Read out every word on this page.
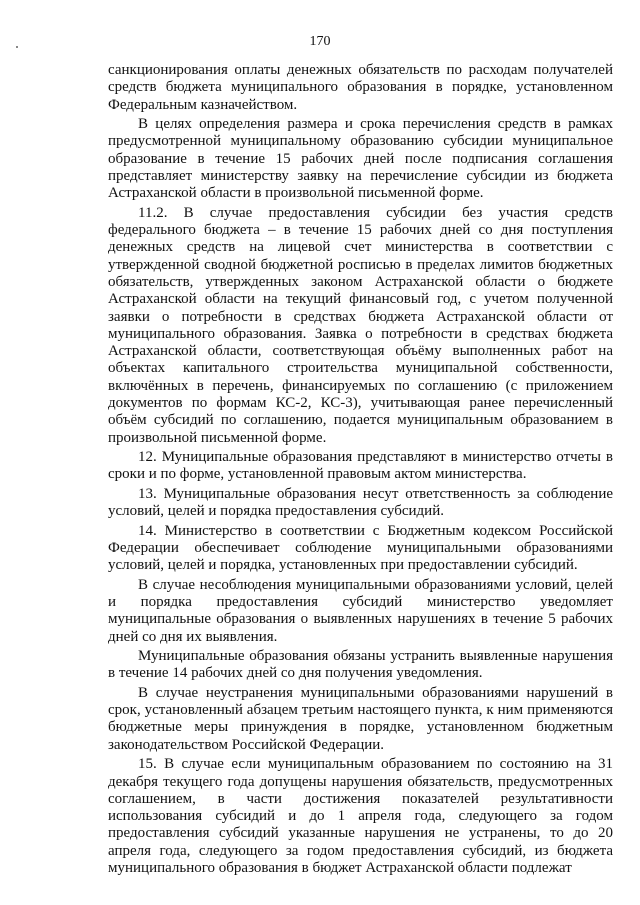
170

санкционирования оплаты денежных обязательств по расходам получателей средств бюджета муниципального образования в порядке, установленном Федеральным казначейством.

В целях определения размера и срока перечисления средств в рамках предусмотренной муниципальному образованию субсидии муниципальное образование в течение 15 рабочих дней после подписания соглашения представляет министерству заявку на перечисление субсидии из бюджета Астраханской области в произвольной письменной форме.

11.2. В случае предоставления субсидии без участия средств федерального бюджета – в течение 15 рабочих дней со дня поступления денежных средств на лицевой счет министерства в соответствии с утвержденной сводной бюджетной росписью в пределах лимитов бюджетных обязательств, утвержденных законом Астраханской области о бюджете Астраханской области на текущий финансовый год, с учетом полученной заявки о потребности в средствах бюджета Астраханской области от муниципального образования. Заявка о потребности в средствах бюджета Астраханской области, соответствующая объёму выполненных работ на объектах капитального строительства муниципальной собственности, включённых в перечень, финансируемых по соглашению (с приложением документов по формам КС-2, КС-3), учитывающая ранее перечисленный объём субсидий по соглашению, подается муниципальным образованием в произвольной письменной форме.

12. Муниципальные образования представляют в министерство отчеты в сроки и по форме, установленной правовым актом министерства.

13. Муниципальные образования несут ответственность за соблюдение условий, целей и порядка предоставления субсидий.

14. Министерство в соответствии с Бюджетным кодексом Российской Федерации обеспечивает соблюдение муниципальными образованиями условий, целей и порядка, установленных при предоставлении субсидий.

В случае несоблюдения муниципальными образованиями условий, целей и порядка предоставления субсидий министерство уведомляет муниципальные образования о выявленных нарушениях в течение 5 рабочих дней со дня их выявления.

Муниципальные образования обязаны устранить выявленные нарушения в течение 14 рабочих дней со дня получения уведомления.

В случае неустранения муниципальными образованиями нарушений в срок, установленный абзацем третьим настоящего пункта, к ним применяются бюджетные меры принуждения в порядке, установленном бюджетным законодательством Российской Федерации.

15. В случае если муниципальным образованием по состоянию на 31 декабря текущего года допущены нарушения обязательств, предусмотренных соглашением, в части достижения показателей результативности использования субсидий и до 1 апреля года, следующего за годом предоставления субсидий указанные нарушения не устранены, то до 20 апреля года, следующего за годом предоставления субсидий, из бюджета муниципального образования в бюджет Астраханской области подлежат
